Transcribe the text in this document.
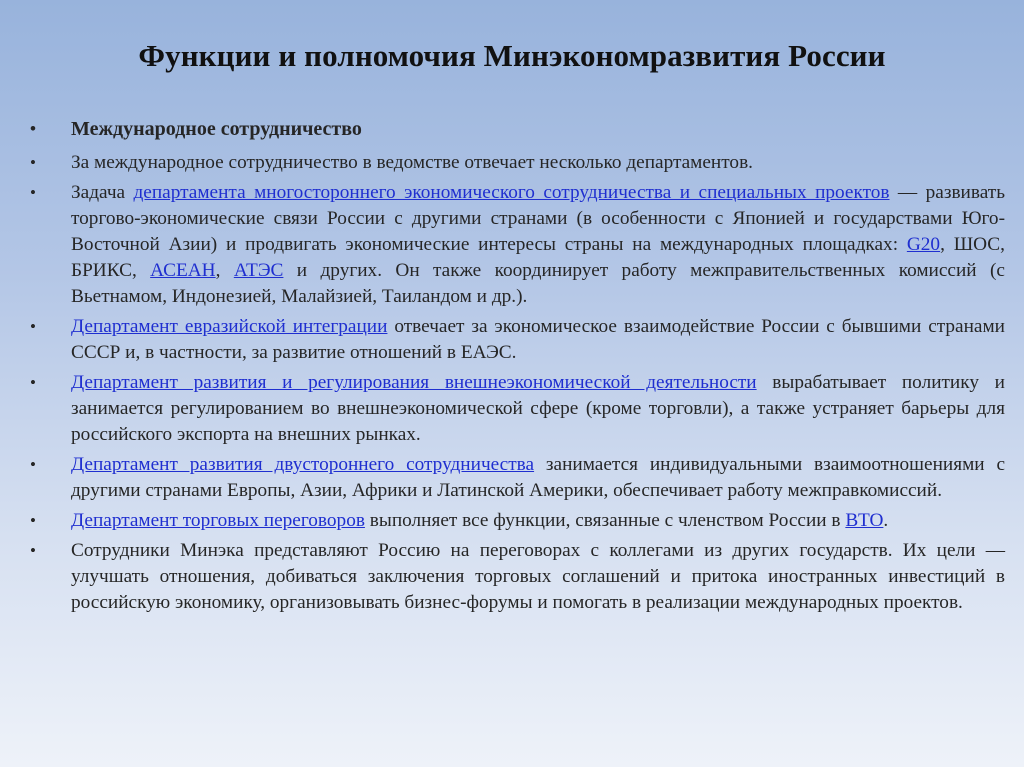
Функции и полномочия Минэкономразвития России
• Международное сотрудничество
• За международное сотрудничество в ведомстве отвечает несколько департаментов.
• Задача департамента многостороннего экономического сотрудничества и специальных проектов — развивать торгово-экономические связи России с другими странами (в особенности с Японией и государствами Юго-Восточной Азии) и продвигать экономические интересы страны на международных площадках: G20, ШОС, БРИКС, АСЕАН, АТЭС и других. Он также координирует работу межправительственных комиссий (с Вьетнамом, Индонезией, Малайзией, Таиландом и др.).
• Департамент евразийской интеграции отвечает за экономическое взаимодействие России с бывшими странами СССР и, в частности, за развитие отношений в ЕАЭС.
• Департамент развития и регулирования внешнеэкономической деятельности вырабатывает политику и занимается регулированием во внешнеэкономической сфере (кроме торговли), а также устраняет барьеры для российского экспорта на внешних рынках.
• Департамент развития двустороннего сотрудничества занимается индивидуальными взаимоотношениями с другими странами Европы, Азии, Африки и Латинской Америки, обеспечивает работу межправкомиссий.
• Департамент торговых переговоров выполняет все функции, связанные с членством России в ВТО.
• Сотрудники Минэка представляют Россию на переговорах с коллегами из других государств. Их цели — улучшать отношения, добиваться заключения торговых соглашений и притока иностранных инвестиций в российскую экономику, организовывать бизнес-форумы и помогать в реализации международных проектов.
